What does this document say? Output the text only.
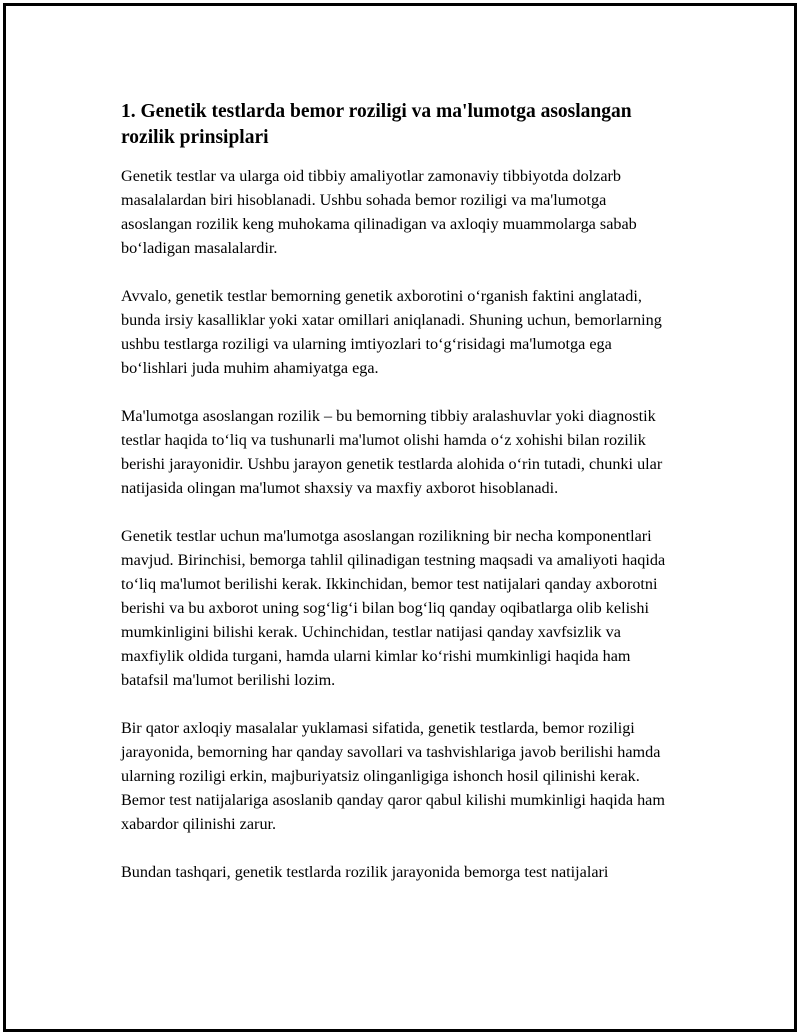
1. Genetik testlarda bemor roziligi va ma'lumotga asoslangan rozilik prinsiplari

Genetik testlar va ularga oid tibbiy amaliyotlar zamonaviy tibbiyotda dolzarb masalalardan biri hisoblanadi. Ushbu sohada bemor roziligi va ma'lumotga asoslangan rozilik keng muhokama qilinadigan va axloqiy muammolarga sabab boʻladigan masalalardir.

Avvalo, genetik testlar bemorning genetik axborotini oʻrganish faktini anglatadi, bunda irsiy kasalliklar yoki xatar omillari aniqlanadi. Shuning uchun, bemorlarning ushbu testlarga roziligi va ularning imtiyozlari toʻgʻrisidagi ma'lumotga ega boʻlishlari juda muhim ahamiyatga ega.

Ma'lumotga asoslangan rozilik – bu bemorning tibbiy aralashuvlar yoki diagnostik testlar haqida toʻliq va tushunarli ma'lumot olishi hamda oʻz xohishi bilan rozilik berishi jarayonidir. Ushbu jarayon genetik testlarda alohida oʻrin tutadi, chunki ular natijasida olingan ma'lumot shaxsiy va maxfiy axborot hisoblanadi.

Genetik testlar uchun ma'lumotga asoslangan rozilikning bir necha komponentlari mavjud. Birinchisi, bemorga tahlil qilinadigan testning maqsadi va amaliyoti haqida toʻliq ma'lumot berilishi kerak. Ikkinchidan, bemor test natijalari qanday axborotni berishi va bu axborot uning sogʻligʻi bilan bogʻliq qanday oqibatlarga olib kelishi mumkinligini bilishi kerak. Uchinchidan, testlar natijasi qanday xavfsizlik va maxfiylik oldida turgani, hamda ularni kimlar koʻrishi mumkinligi haqida ham batafsil ma'lumot berilishi lozim.

Bir qator axloqiy masalalar yuklamasi sifatida, genetik testlarda, bemor roziligi jarayonida, bemorning har qanday savollari va tashvishlariga javob berilishi hamda ularning roziligi erkin, majburiyatsiz olinganligiga ishonch hosil qilinishi kerak. Bemor test natijalariga asoslanib qanday qaror qabul kilishi mumkinligi haqida ham xabardor qilinishi zarur.

Bundan tashqari, genetik testlarda rozilik jarayonida bemorga test natijalari
